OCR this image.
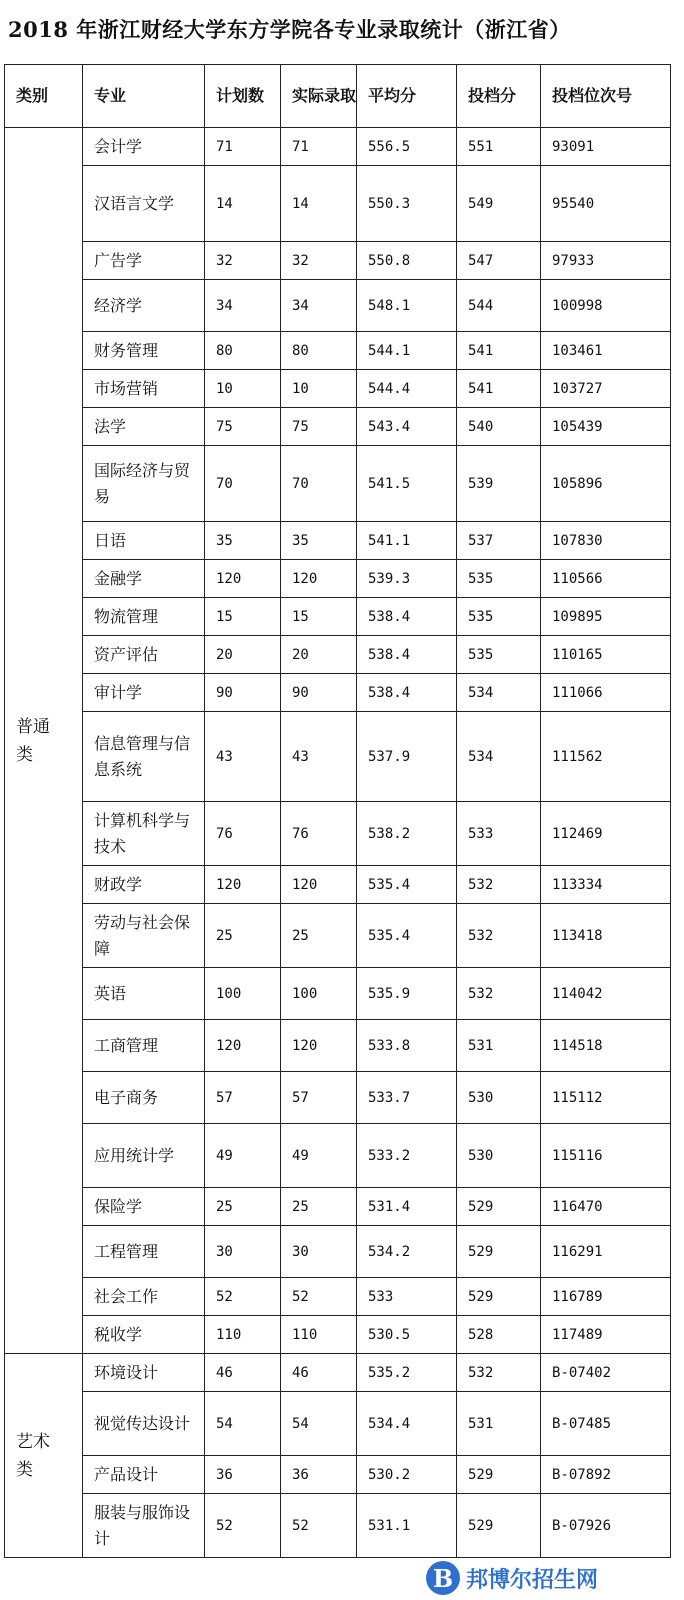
2018 年浙江财经大学东方学院各专业录取统计（浙江省）
类别	专业	计划数	实际录取	平均分	投档分	投档位次号
普通类	会计学	71	71	556.5	551	93091
	汉语言文学	14	14	550.3	549	95540
	广告学	32	32	550.8	547	97933
	经济学	34	34	548.1	544	100998
	财务管理	80	80	544.1	541	103461
	市场营销	10	10	544.4	541	103727
	法学	75	75	543.4	540	105439
	国际经济与贸易	70	70	541.5	539	105896
	日语	35	35	541.1	537	107830
	金融学	120	120	539.3	535	110566
	物流管理	15	15	538.4	535	109895
	资产评估	20	20	538.4	535	110165
	审计学	90	90	538.4	534	111066
	信息管理与信息系统	43	43	537.9	534	111562
	计算机科学与技术	76	76	538.2	533	112469
	财政学	120	120	535.4	532	113334
	劳动与社会保障	25	25	535.4	532	113418
	英语	100	100	535.9	532	114042
	工商管理	120	120	533.8	531	114518
	电子商务	57	57	533.7	530	115112
	应用统计学	49	49	533.2	530	115116
	保险学	25	25	531.4	529	116470
	工程管理	30	30	534.2	529	116291
	社会工作	52	52	533	529	116789
	税收学	110	110	530.5	528	117489
艺术类	环境设计	46	46	535.2	532	B-07402
	视觉传达设计	54	54	534.4	531	B-07485
	产品设计	36	36	530.2	529	B-07892
	服装与服饰设计	52	52	531.1	529	B-07926
B 邦博尔招生网
